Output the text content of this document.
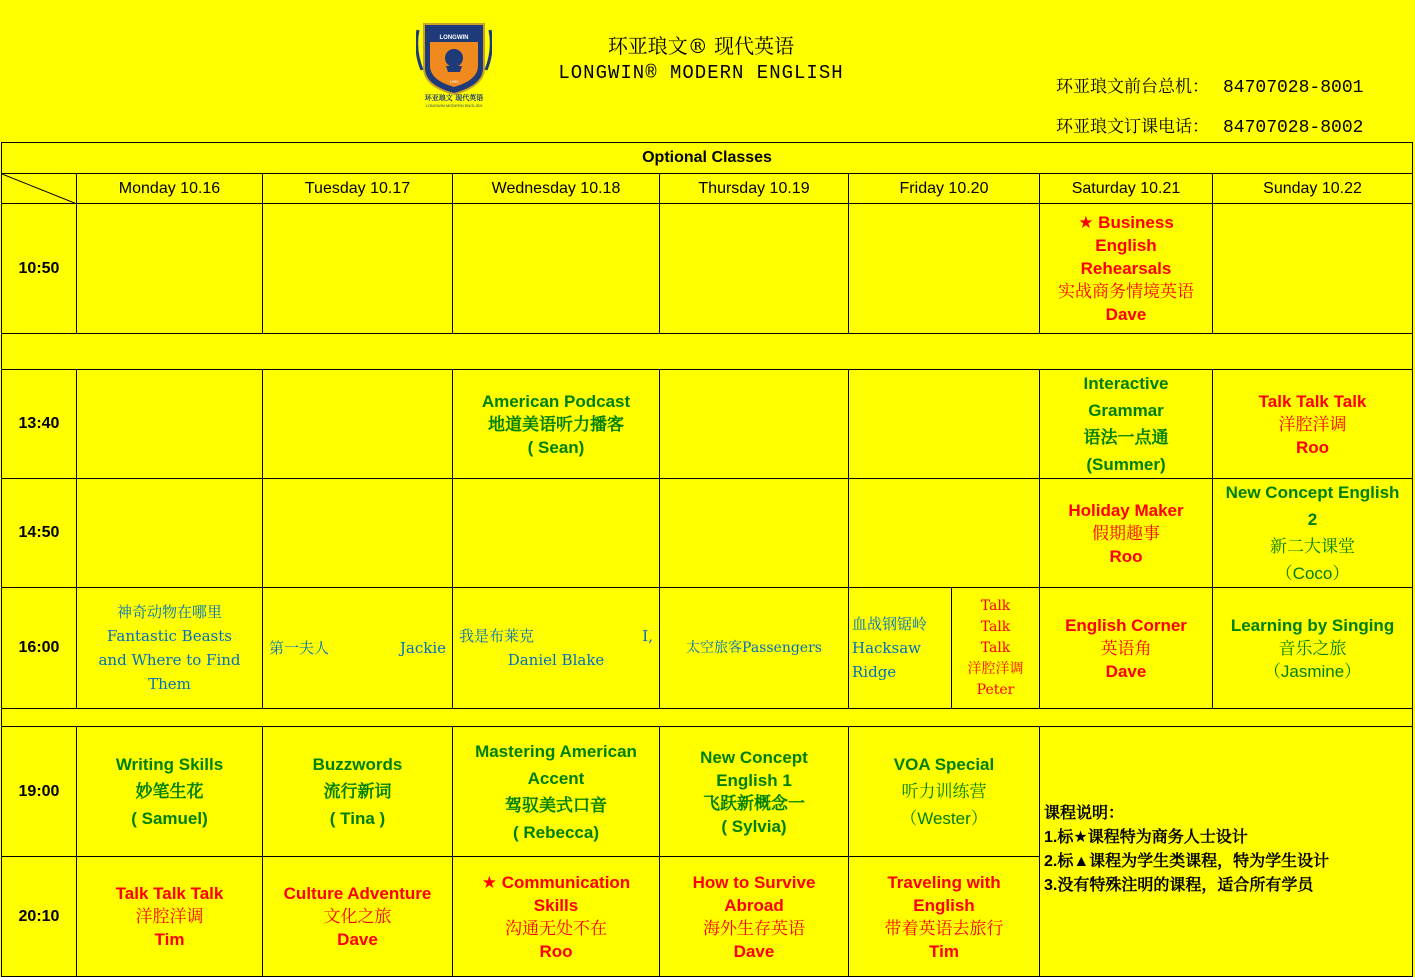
LONGWIN
1999
环亚琅文 现代英语
LONGWIN MODERN ENGLISH
环亚琅文® 现代英语
LONGWIN® MODERN ENGLISH
环亚琅文前台总机： 84707028-8001
环亚琅文订课电话： 84707028-8002
Optional Classes								

	Monday 10.16	Tuesday 10.17	Wednesday 10.18	Thursday 10.19	Friday 10.20		Saturday 10.21	Sunday 10.22
10:50							★ Business
English
Rehearsals
实战商务情境英语
Dave	

13:40			American Podcast
地道美语听力播客
( Sean)				Interactive
Grammar
语法一点通
(Summer)	Talk Talk Talk
洋腔洋调
Roo

14:50							Holiday Maker
假期趣事
Roo	New Concept English
2
新二大课堂
（Coco）

16:00	神奇动物在哪里
Fantastic Beasts
and Where to Find
Them	第一夫人 Jackie	我是布莱克 I,
Daniel Blake	太空旅客Passengers	血战钢锯岭
Hacksaw
Ridge	Talk
Talk
Talk
洋腔洋调
Peter	English Corner
英语角
Dave	Learning by Singing
音乐之旅
（Jasmine）

19:00	Writing Skills
妙笔生花
( Samuel)	Buzzwords
流行新词
( Tina )	Mastering American
Accent
驾驭美式口音
( Rebecca)	New Concept
English 1
飞跃新概念一
( Sylvia)	VOA Special
听力训练营
（Wester）		课程说明：
1.标★课程特为商务人士设计
2.标▲课程为学生类课程，特为学生设计
3.没有特殊注明的课程，适合所有学员	

20:10	Talk Talk Talk
洋腔洋调
Tim	Culture Adventure
文化之旅
Dave	★ Communication
Skills
沟通无处不在
Roo	How to Survive
Abroad
海外生存英语
Dave	Traveling with
English
带着英语去旅行
Tim			
